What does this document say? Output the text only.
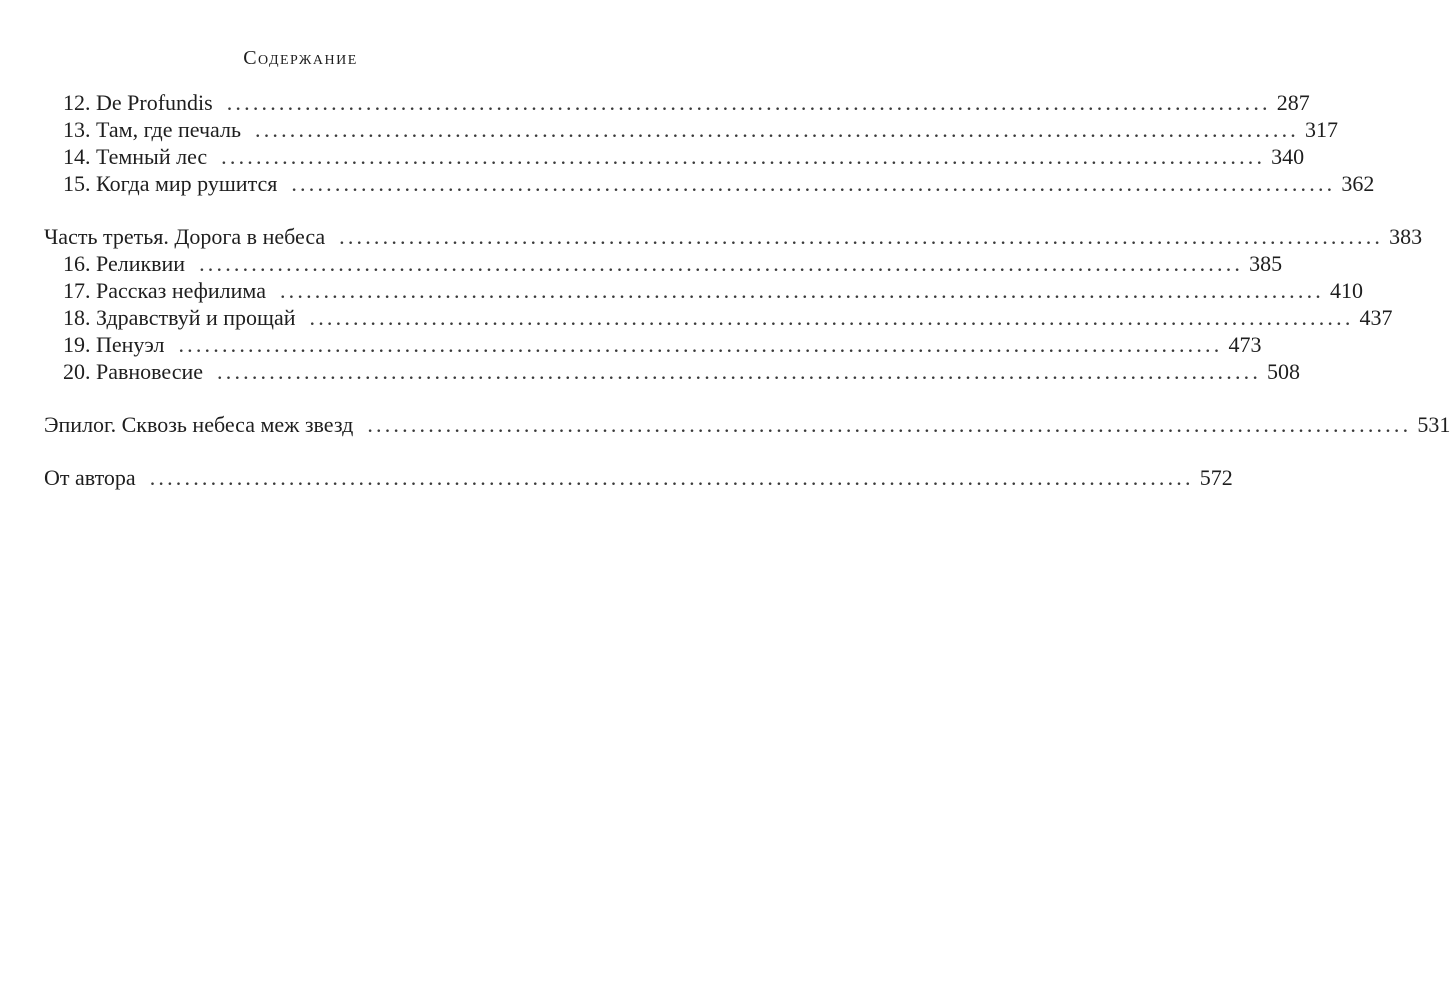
Содержание
12. De Profundis ........................................................................................................................ 287
13. Там, где печаль ........................................................................................................................ 317
14. Темный лес ........................................................................................................................ 340
15. Когда мир рушится ........................................................................................................................ 362
Часть третья. Дорога в небеса ........................................................................................................................ 383
16. Реликвии ........................................................................................................................ 385
17. Рассказ нефилима ........................................................................................................................ 410
18. Здравствуй и прощай ........................................................................................................................ 437
19. Пенуэл ........................................................................................................................ 473
20. Равновесие ........................................................................................................................ 508
Эпилог. Сквозь небеса меж звезд ........................................................................................................................ 531
От автора ........................................................................................................................ 572
